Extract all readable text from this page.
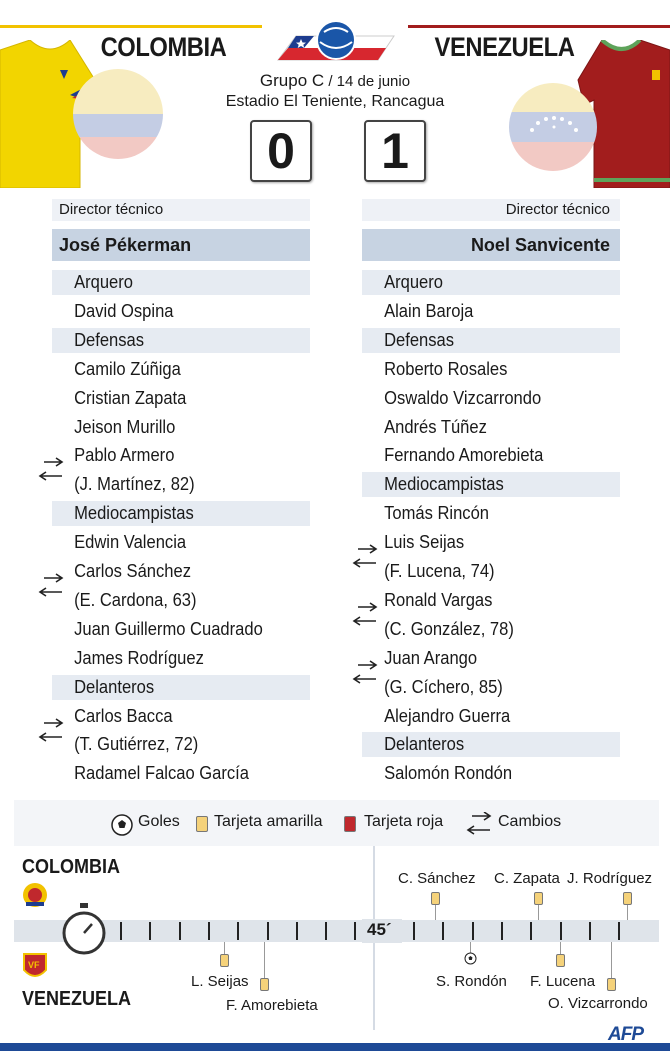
COLOMBIA	VENEZUELA
Grupo C / 14 de junio
Estadio El Teniente, Rancagua
0	1
Director técnico
José Pékerman
Director técnico
Noel Sanvicente
Arquero
David Ospina
Defensas
Camilo Zúñiga
Cristian Zapata
Jeison Murillo
Pablo Armero
(J. Martínez, 82)
Mediocampistas
Edwin Valencia
Carlos Sánchez
(E. Cardona, 63)
Juan Guillermo Cuadrado
James Rodríguez
Delanteros
Carlos Bacca
(T. Gutiérrez, 72)
Radamel Falcao García
Arquero
Alain Baroja
Defensas
Roberto Rosales
Oswaldo Vizcarrondo
Andrés Túñez
Fernando Amorebieta
Mediocampistas
Tomás Rincón
Luis Seijas
(F. Lucena, 74)
Ronald Vargas
(C. González, 78)
Juan Arango
(G. Cíchero, 85)
Alejandro Guerra
Delanteros
Salomón Rondón
Goles Tarjeta amarilla	Tarjeta roja	Cambios
COLOMBIA
VF
VENEZUELA
45´
C. Sánchez C. Zapata J. Rodríguez
L. Seijas
F. Amorebieta
S. Rondón F. Lucena
O. Vizcarrondo
AFP
